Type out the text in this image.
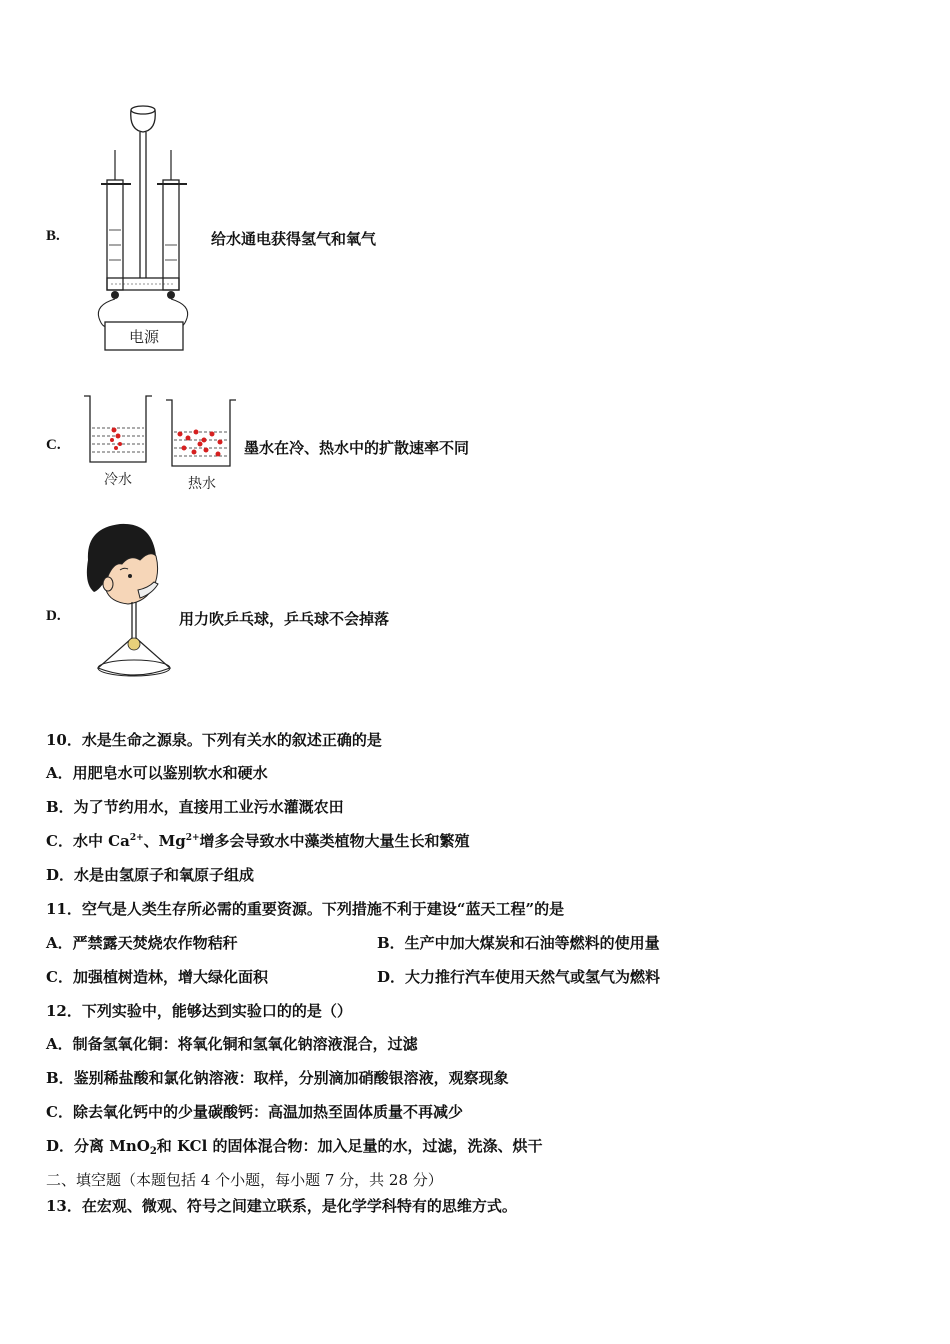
B.
电源
给水通电获得氢气和氧气
C.
冷水	热水
墨水在冷、热水中的扩散速率不同
D.	用力吹乒乓球，乒乓球不会掉落
10．水是生命之源泉。下列有关水的叙述正确的是
A．用肥皂水可以鉴别软水和硬水
B．为了节约用水，直接用工业污水灌溉农田
C．水中 $Ca^{2+}$、$Mg^{2+}$增多会导致水中藻类植物大量生长和繁殖
D．水是由氢原子和氧原子组成
11．空气是人类生存所必需的重要资源。下列措施不利于建设“蓝天工程”的是
A．严禁露天焚烧农作物秸秆	B．生产中加大煤炭和石油等燃料的使用量
C．加强植树造林，增大绿化面积	D．大力推行汽车使用天然气或氢气为燃料
12．下列实验中，能够达到实验口的的是（）
A．制备氢氧化铜：将氧化铜和氢氧化钠溶液混合，过滤
B．鉴别稀盐酸和氯化钠溶液：取样，分别滴加硝酸银溶液，观察现象
C．除去氧化钙中的少量碳酸钙：高温加热至固体质量不再减少
D．分离 MnO$_2$和 KCl 的固体混合物：加入足量的水，过滤，洗涤、烘干
二、填空题（本题包括 4 个小题，每小题 7 分，共 28 分）
13．在宏观、微观、符号之间建立联系，是化学学科特有的思维方式。
